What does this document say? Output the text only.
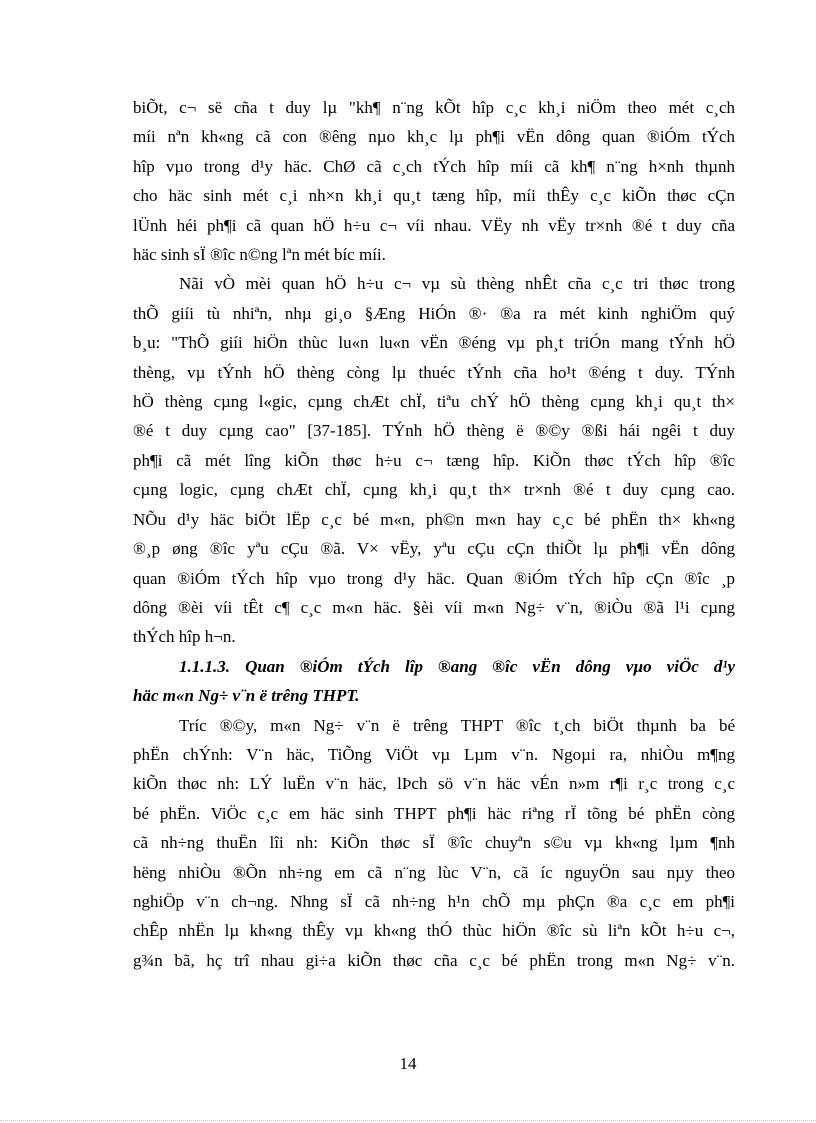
biÕt, c¬ së cña t duy lµ "kh¶ n¨ng kÕt hîp c¸c kh¸i niÖm theo mét c¸ch
míi nªn kh«ng cã con ®êng nµo kh¸c lµ ph¶i vËn dông quan ®iÓm tÝch
hîp vµo trong d¹y häc. ChØ cã c¸ch tÝch hîp míi cã kh¶ n¨ng h×nh thµnh
cho häc sinh mét c¸i nh×n kh¸i qu¸t tæng hîp, míi thÊy c¸c kiÕn thøc cÇn
lÜnh héi ph¶i cã quan hÖ h÷u c¬ víi nhau. VËy nh vËy tr×nh ®é t duy cña
häc sinh sÏ ®îc n©ng lªn mét bíc míi.

Nãi vÒ mèi quan hÖ h÷u c¬ vµ sù thèng nhÊt cña c¸c tri thøc trong
thÕ giíi tù nhiªn, nhµ gi¸o §Æng HiÓn ®· ®a ra mét kinh nghiÖm quý
b¸u: "ThÕ giíi hiÖn thùc lu«n lu«n vËn ®éng vµ ph¸t triÓn mang tÝnh hÖ
thèng, vµ tÝnh hÖ thèng còng lµ thuéc tÝnh cña ho¹t ®éng t duy. TÝnh
hÖ thèng cµng l«gic, cµng chÆt chÏ, tiªu chÝ hÖ thèng cµng kh¸i qu¸t th×
®é t duy cµng cao" [37-185]. TÝnh hÖ thèng ë ®©y ®ßi hái ngêi t duy
ph¶i cã mét lîng kiÕn thøc h÷u c¬ tæng hîp. KiÕn thøc tÝch hîp ®îc
cµng logic, cµng chÆt chÏ, cµng kh¸i qu¸t th× tr×nh ®é t duy cµng cao.
NÕu d¹y häc biÖt lËp c¸c bé m«n, ph©n m«n hay c¸c bé phËn th× kh«ng
®¸p øng ®îc yªu cÇu ®ã. V× vËy, yªu cÇu cÇn thiÕt lµ ph¶i vËn dông
quan ®iÓm tÝch hîp vµo trong d¹y häc. Quan ®iÓm tÝch hîp cÇn ®îc ¸p
dông ®èi víi tÊt c¶ c¸c m«n häc. §èi víi m«n Ng÷ v¨n, ®iÒu ®ã l¹i cµng
thÝch hîp h¬n.

1.1.1.3. Quan ®iÓm tÝch lîp ®ang ®îc vËn dông vµo viÖc d¹y
häc m«n Ng÷ v¨n ë trêng THPT.

Tríc ®©y, m«n Ng÷ v¨n ë trêng THPT ®îc t¸ch biÖt thµnh ba bé
phËn chÝnh: V¨n häc, TiÕng ViÖt vµ Lµm v¨n. Ngoµi ra, nhiÒu m¶ng
kiÕn thøc nh: LÝ luËn v¨n häc, lÞch sö v¨n häc vÉn n»m r¶i r¸c trong c¸c
bé phËn. ViÖc c¸c em häc sinh THPT ph¶i häc riªng rÏ tõng bé phËn còng
cã nh÷ng thuËn lîi nh: KiÕn thøc sÏ ®îc chuyªn s©u vµ kh«ng lµm ¶nh
hëng nhiÒu ®Õn nh÷ng em cã n¨ng lùc V¨n, cã íc nguyÖn sau nµy theo
nghiÖp v¨n ch¬ng. Nhng sÏ cã nh÷ng h¹n chÕ mµ phÇn ®a c¸c em ph¶i
chÊp nhËn lµ kh«ng thÊy vµ kh«ng thÓ thùc hiÖn ®îc sù liªn kÕt h÷u c¬,
g¾n bã, hç trî nhau gi÷a kiÕn thøc cña c¸c bé phËn trong m«n Ng÷ v¨n.

14
